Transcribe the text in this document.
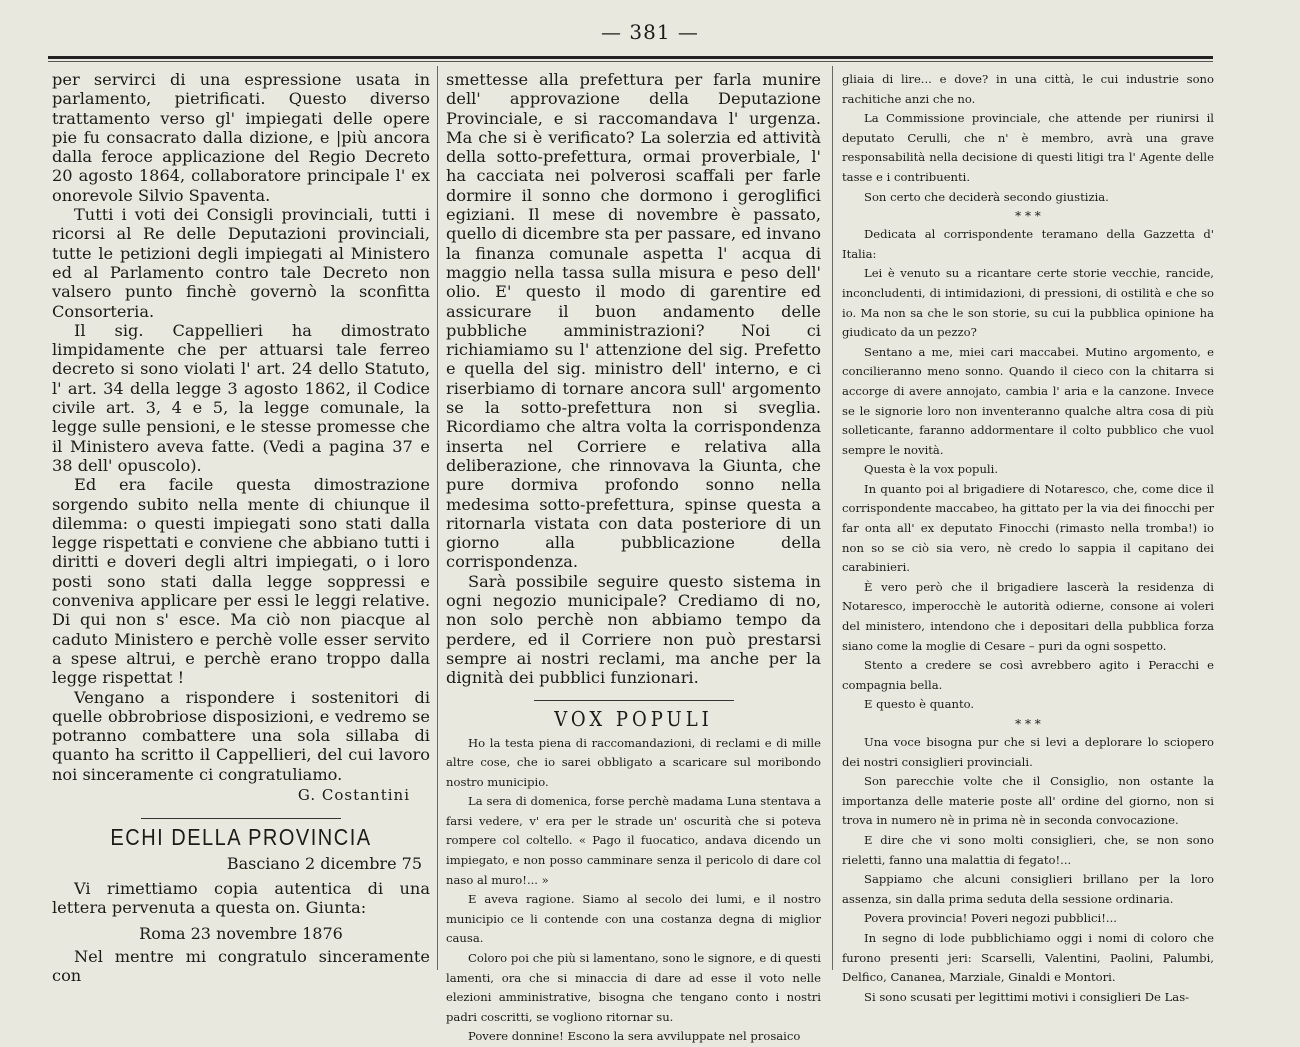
— 381 —

per servirci di una espressione usata in parlamento, pietrificati. Questo diverso trattamento verso gl' impiegati delle opere pie fu consacrato dalla dizione, e |più ancora dalla feroce applicazione del Regio Decreto 20 agosto 1864, collaboratore principale l' ex onorevole Silvio Spaventa.

Tutti i voti dei Consigli provinciali, tutti i ricorsi al Re delle Deputazioni provinciali, tutte le petizioni degli impiegati al Ministero ed al Parlamento contro tale Decreto non valsero punto finchè governò la sconfitta Consorteria.

Il sig. Cappellieri ha dimostrato limpidamente che per attuarsi tale ferreo decreto si sono violati l' art. 24 dello Statuto, l' art. 34 della legge 3 agosto 1862, il Codice civile art. 3, 4 e 5, la legge comunale, la legge sulle pensioni, e le stesse promesse che il Ministero aveva fatte. (Vedi a pagina 37 e 38 dell' opuscolo).

Ed era facile questa dimostrazione sorgendo subito nella mente di chiunque il dilemma: o questi impiegati sono stati dalla legge rispettati e conviene che abbiano tutti i diritti e doveri degli altri impiegati, o i loro posti sono stati dalla legge soppressi e conveniva applicare per essi le leggi relative. Di qui non s' esce. Ma ciò non piacque al caduto Ministero e perchè volle esser servito a spese altrui, e perchè erano troppo dalla legge rispettat !

Vengano a rispondere i sostenitori di quelle obbrobriose disposizioni, e vedremo se potranno combattere una sola sillaba di quanto ha scritto il Cappellieri, del cui lavoro noi sinceramente ci congratuliamo.

G. Costantini
ECHI DELLA PROVINCIA
Basciano 2 dicembre 75

Vi rimettiamo copia autentica di una lettera pervenuta a questa on. Giunta:

Roma 23 novembre 1876

Nel mentre mi congratulo sinceramente con

smettesse alla prefettura per farla munire dell' approvazione della Deputazione Provinciale, e si raccomandava l' urgenza. Ma che si è verificato? La solerzia ed attività della sotto-prefettura, ormai proverbiale, l' ha cacciata nei polverosi scaffali per farle dormire il sonno che dormono i geroglifici egiziani. Il mese di novembre è passato, quello di dicembre sta per passare, ed invano la finanza comunale aspetta l' acqua di maggio nella tassa sulla misura e peso dell' olio. E' questo il modo di garentire ed assicurare il buon andamento delle pubbliche amministrazioni? Noi ci richiamiamo su l' attenzione del sig. Prefetto e quella del sig. ministro dell' interno, e ci riserbiamo di tornare ancora sull' argomento se la sotto-prefettura non si sveglia. Ricordiamo che altra volta la corrispondenza inserta nel Corriere e relativa alla deliberazione, che rinnovava la Giunta, che pure dormiva profondo sonno nella medesima sotto-prefettura, spinse questa a ritornarla vistata con data posteriore di un giorno alla pubblicazione della corrispondenza.

Sarà possibile seguire questo sistema in ogni negozio municipale? Crediamo di no, non solo perchè non abbiamo tempo da perdere, ed il Corriere non può prestarsi sempre ai nostri reclami, ma anche per la dignità dei pubblici funzionari.

VOX POPULI

Ho la testa piena di raccomandazioni, di reclami e di mille altre cose, che io sarei obbligato a scaricare sul moribondo nostro municipio.

La sera di domenica, forse perchè madama Luna stentava a farsi vedere, v' era per le strade un' oscurità che si poteva rompere col coltello. « Pago il fuocatico, andava dicendo un impiegato, e non posso camminare senza il pericolo di dare col naso al muro!... »

E aveva ragione. Siamo al secolo dei lumi, e il nostro municipio ce li contende con una costanza degna di miglior causa.

Coloro poi che più si lamentano, sono le signore, e di questi lamenti, ora che si minaccia di dare ad esse il voto nelle elezioni amministrative, bisogna che tengano conto i nostri padri coscritti, se vogliono ritornar su.

Povere donnine! Escono la sera avviluppate nel prosaico

gliaia di lire... e dove? in una città, le cui industrie sono rachitiche anzi che no.

La Commissione provinciale, che attende per riunirsi il deputato Cerulli, che n' è membro, avrà una grave responsabilità nella decisione di questi litigi tra l' Agente delle tasse e i contribuenti.

Son certo che deciderà secondo giustizia.

* * *

Dedicata al corrispondente teramano della Gazzetta d' Italia:

Lei è venuto su a ricantare certe storie vecchie, rancide, inconcludenti, di intimidazioni, di pressioni, di ostilità e che so io. Ma non sa che le son storie, su cui la pubblica opinione ha giudicato da un pezzo?

Sentano a me, miei cari maccabei. Mutino argomento, e concilieranno meno sonno. Quando il cieco con la chitarra si accorge di avere annojato, cambia l' aria e la canzone. Invece se le signorie loro non inventeranno qualche altra cosa di più solleticante, faranno addormentare il colto pubblico che vuol sempre le novità.

Questa è la vox populi.

In quanto poi al brigadiere di Notaresco, che, come dice il corrispondente maccabeo, ha gittato per la via dei finocchi per far onta all' ex deputato Finocchi (rimasto nella tromba!) io non so se ciò sia vero, nè credo lo sappia il capitano dei carabinieri.

È vero però che il brigadiere lascerà la residenza di Notaresco, imperocchè le autorità odierne, consone ai voleri del ministero, intendono che i depositari della pubblica forza siano come la moglie di Cesare – puri da ogni sospetto.

Stento a credere se così avrebbero agito i Peracchi e compagnia bella.

E questo è quanto.

* * *

Una voce bisogna pur che si levi a deplorare lo sciopero dei nostri consiglieri provinciali.

Son parecchie volte che il Consiglio, non ostante la importanza delle materie poste all' ordine del giorno, non si trova in numero nè in prima nè in seconda convocazione.

E dire che vi sono molti consiglieri, che, se non sono rieletti, fanno una malattia di fegato!...

Sappiamo che alcuni consiglieri brillano per la loro assenza, sin dalla prima seduta della sessione ordinaria.

Povera provincia! Poveri negozi pubblici!...

In segno di lode pubblichiamo oggi i nomi di coloro che furono presenti jeri: Scarselli, Valentini, Paolini, Palumbi, Delfico, Cananea, Marziale, Ginaldi e Montori.

Si sono scusati per legittimi motivi i consiglieri De Las-
